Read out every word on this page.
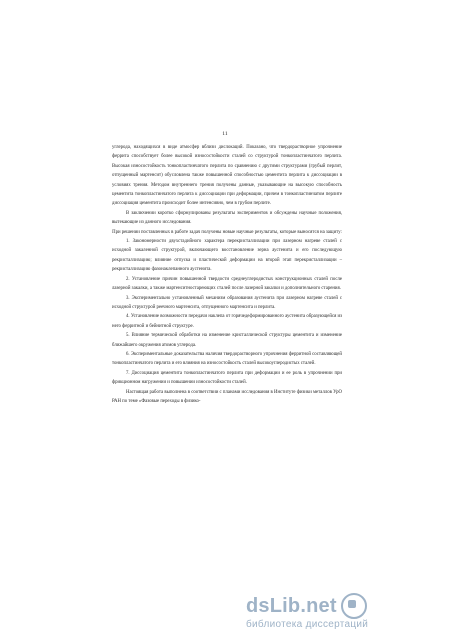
11

углерода, находящихся в виде атмосфер вблизи дислокаций. Показано, что твердорастворное упрочнение феррита способствует более высокой износостойкости сталей со структурой тонкопластинчатого перлита. Высокая износостойкость тонкопластинчатого перлита по сравнению с другими структурами (грубый перлит, отпущенный мартенсит) обусловлена также повышенной способностью цементита перлита к диссоциации в условиях трения. Методом внутреннего трения получены данные, указывающие на высокую способность цементита тонкопластинчатого перлита к диссоциации при деформации, причем в тонкопластинчатом перлите диссоциация цементита происходит более интенсивно, чем в грубом перлите.

В заключении коротко сформулированы результаты экспериментов и обсуждены научные положения, вытекающие из данного исследования.

При решении поставленных в работе задач получены новые научные результаты, которые выносятся на защиту:

1. Закономерности двухстадийного характера перекристаллизации при лазерном нагреве сталей с исходной закаленной структурой, включающего восстановление зерна аустенита и его последующую рекристаллизацию; влияние отпуска и пластической деформации на второй этап перекристаллизации – рекристаллизацию фазонаклепанного аустенита.

2. Установление причин повышенной твердости среднеуглеродистых конструкционных сталей после лазерной закалки, а также мартенситностареющих сталей после лазерной закалки и дополнительного старения.

3. Экспериментально установленный механизм образования аустенита при лазерном нагреве сталей с исходной структурой реечного мартенсита, отпущенного мартенсита и перлита.

4. Установление возможности передачи наклепа от горячедеформированного аустенита образующейся из него ферритной и бейнитной структуре.

5. Влияние термической обработки на изменение кристаллической структуры цементита и изменение ближайшего окружения атомов углерода.

6. Экспериментальные доказательства наличия твердорастворного упрочнения ферритной составляющей тонкопластинчатого перлита и его влияния на износостойкость сталей высокоуглеродистых сталей.

7. Диссоциация цементита тонкопластинчатого перлита при деформации и ее роль в упрочнении при фрикционном нагружении и повышении износостойкости сталей.

Настоящая работа выполнена в соответствии с планами исследования в Институте физики металлов УрО РАН по теме «Фазовые переходы в физико-

dsLib.net
библиотека диссертаций
